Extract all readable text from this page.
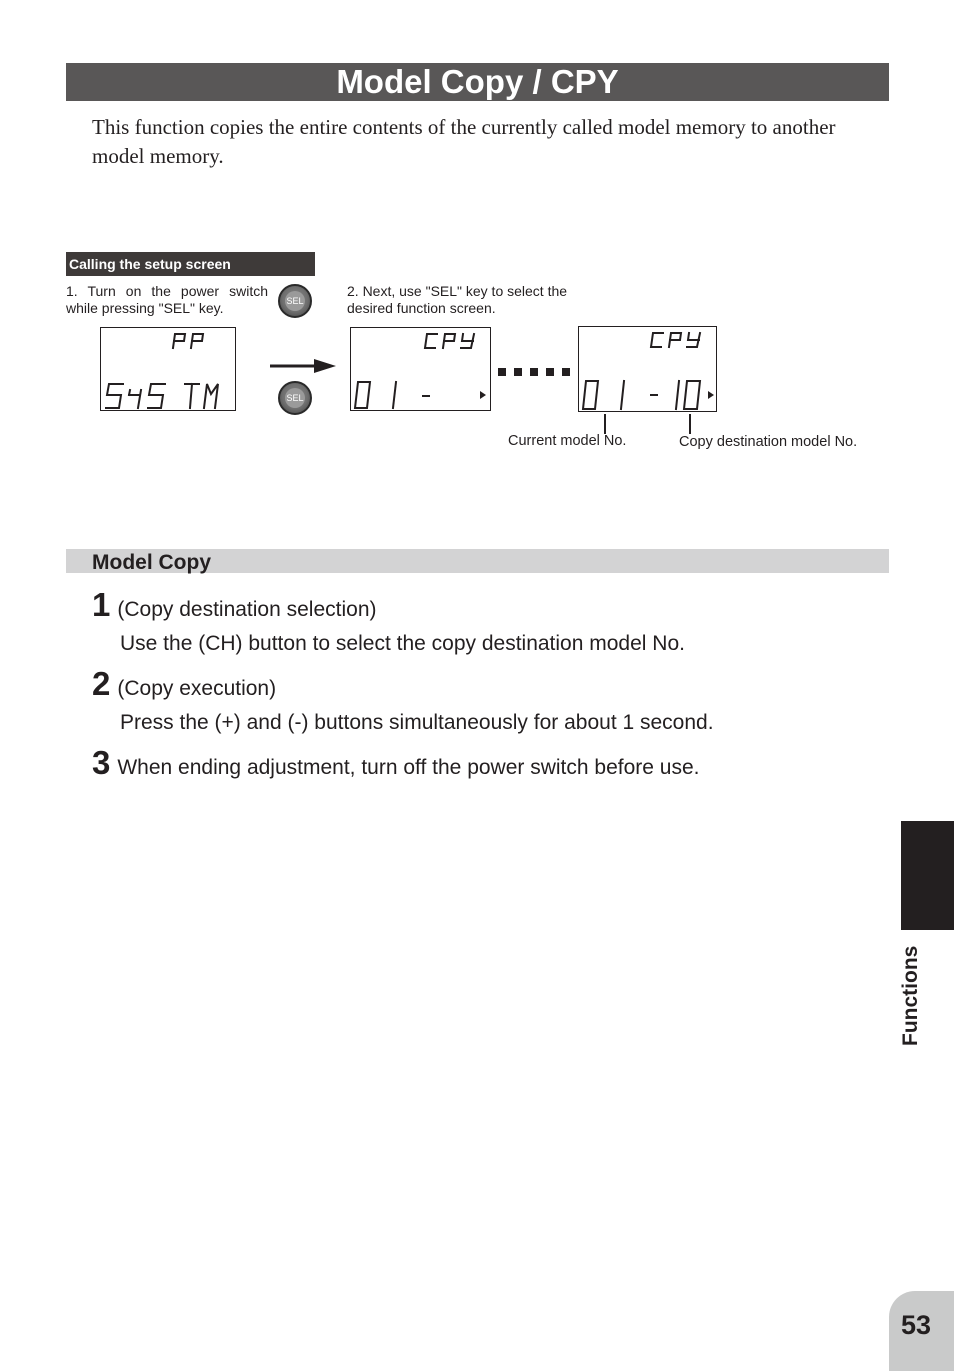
Model Copy / CPY
This function copies the entire contents of the currently called model memory to another model memory.
Calling the setup screen
1. Turn on the power switch while pressing "SEL" key.
2. Next, use "SEL" key to select the desired function screen.
SEL
SEL
Current model No.	Copy destination model No.
Model Copy
1 (Copy destination selection)
Use the (CH) button to select the copy destination model No.
2 (Copy execution)
Press the (+) and (-) buttons simultaneously for about 1 second.
3 When ending adjustment, turn off the power switch before use.
Functions
53
